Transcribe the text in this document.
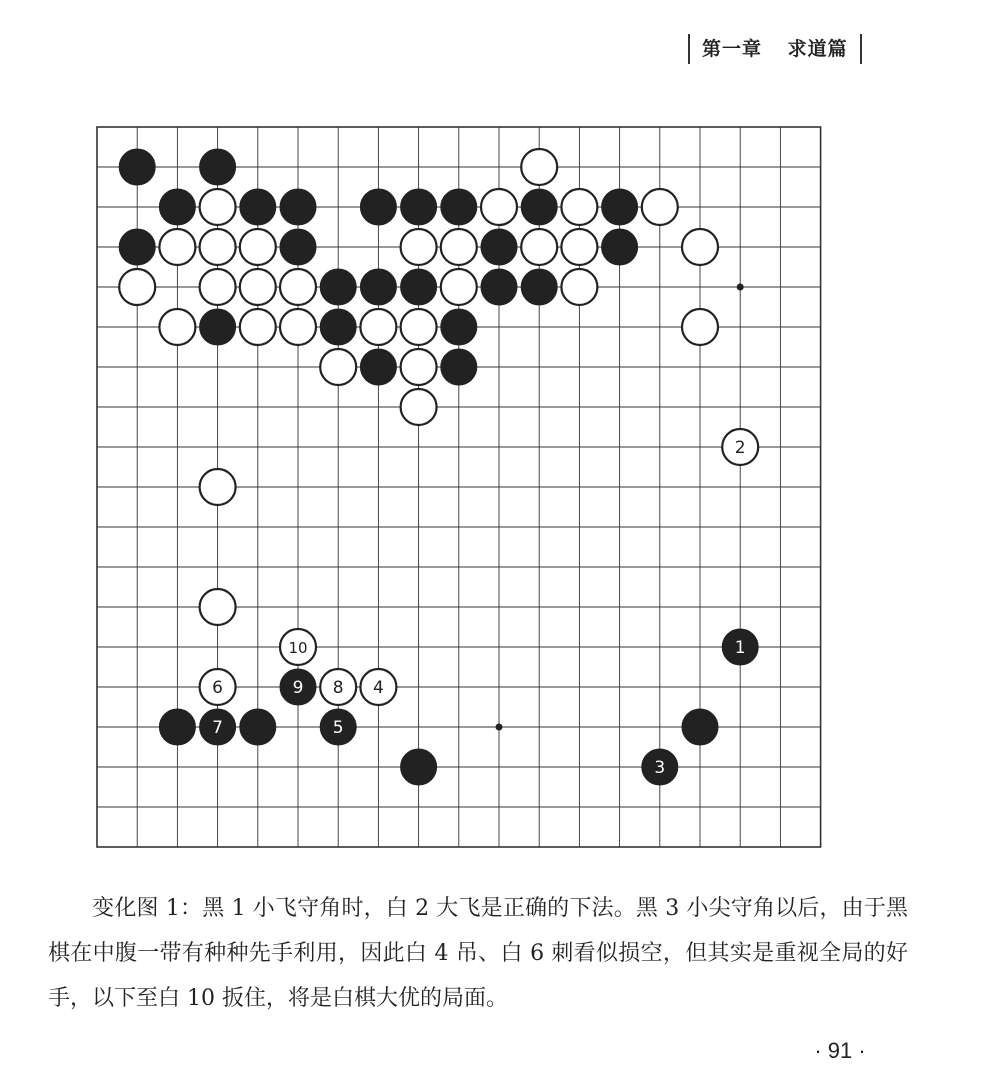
第一章 求道篇
1
2
3
4
5
6
7
8
9
10
变化图 1：黑 1 小飞守角时，白 2 大飞是正确的下法。黑 3 小尖守角以后，由于黑棋在中腹一带有种种先手利用，因此白 4 吊、白 6 刺看似损空，但其实是重视全局的好手，以下至白 10 扳住，将是白棋大优的局面。
· 91 ·
